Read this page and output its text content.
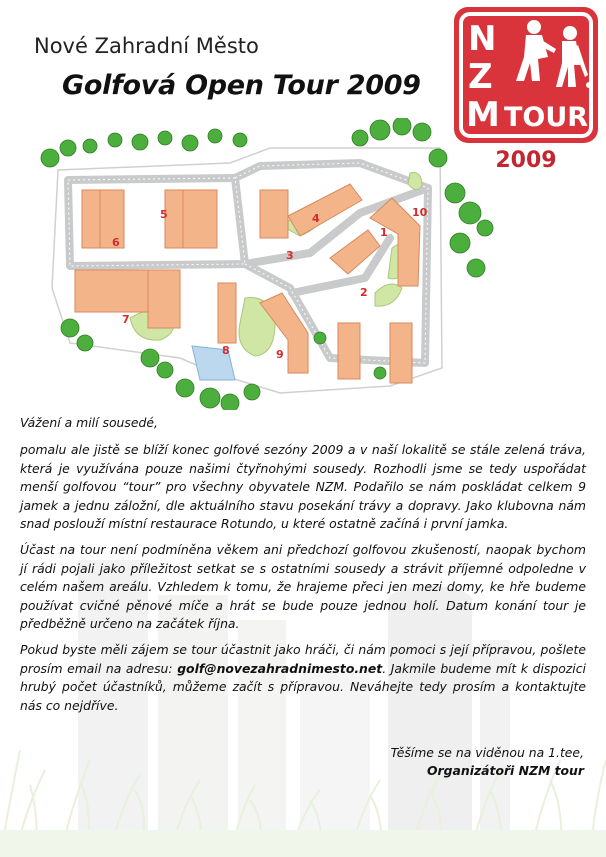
Nové Zahradní Město
Golfová Open Tour 2009
N
Z
M TOUR
2009
1
2
3
4
5
6
7
8	9
10

Vážení a milí sousedé,

pomalu ale jistě se blíží konec golfové sezóny 2009 a v naší lokalitě se stále zelená tráva, která je využívána pouze našimi čtyřnohými sousedy. Rozhodli jsme se tedy uspořádat menší golfovou “tour” pro všechny obyvatele NZM. Podařilo se nám poskládat celkem 9 jamek a jednu záložní, dle aktuálního stavu posekání trávy a dopravy. Jako klubovna nám snad poslouží místní restaurace Rotundo, u které ostatně začíná i první jamka.

Účast na tour není podmíněna věkem ani předchozí golfovou zkušeností, naopak bychom jí rádi pojali jako příležitost setkat se s ostatními sousedy a strávit příjemné odpoledne v celém našem areálu. Vzhledem k tomu, že hrajeme přeci jen mezi domy, ke hře budeme používat cvičné pěnové míče a hrát se bude pouze jednou holí. Datum konání tour je předběžně určeno na začátek října.

Pokud byste měli zájem se tour účastnit jako hráči, či nám pomoci s její přípravou, pošlete prosím email na adresu: golf@novezahradnimesto.net. Jakmile budeme mít k dispozici hrubý počet účastníků, můžeme začít s přípravou. Neváhejte tedy prosím a kontaktujte nás co nejdříve.

Těšíme se na viděnou na 1.tee,
Organizátoři NZM tour
